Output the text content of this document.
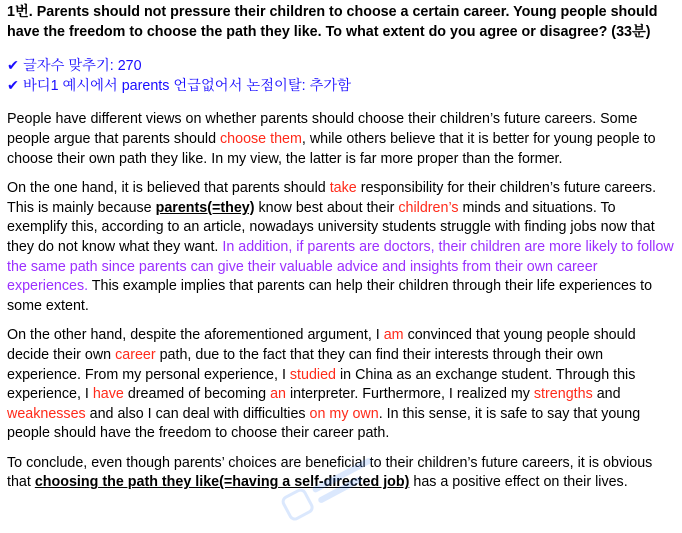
1번. Parents should not pressure their children to choose a certain career. Young people should have the freedom to choose the path they like. To what extent do you agree or disagree? (33분)

✔ 글자수 맞추기: 270
✔ 바디1 예시에서 parents 언급없어서 논점이탈: 추가함

People have different views on whether parents should choose their children’s future careers. Some people argue that parents should choose them, while others believe that it is better for young people to choose their own path they like. In my view, the latter is far more proper than the former.

On the one hand, it is believed that parents should take responsibility for their children’s future careers. This is mainly because parents(=they) know best about their children’s minds and situations. To exemplify this, according to an article, nowadays university students struggle with finding jobs now that they do not know what they want. In addition, if parents are doctors, their children are more likely to follow the same path since parents can give their valuable advice and insights from their own career experiences. This example implies that parents can help their children through their life experiences to some extent.

On the other hand, despite the aforementioned argument, I am convinced that young people should decide their own career path, due to the fact that they can find their interests through their own experience. From my personal experience, I studied in China as an exchange student. Through this experience, I have dreamed of becoming an interpreter. Furthermore, I realized my strengths and weaknesses and also I can deal with difficulties on my own. In this sense, it is safe to say that young people should have the freedom to choose their career path.

To conclude, even though parents’ choices are beneficial to their children’s future careers, it is obvious that choosing the path they like(=having a self-directed job) has a positive effect on their lives.
